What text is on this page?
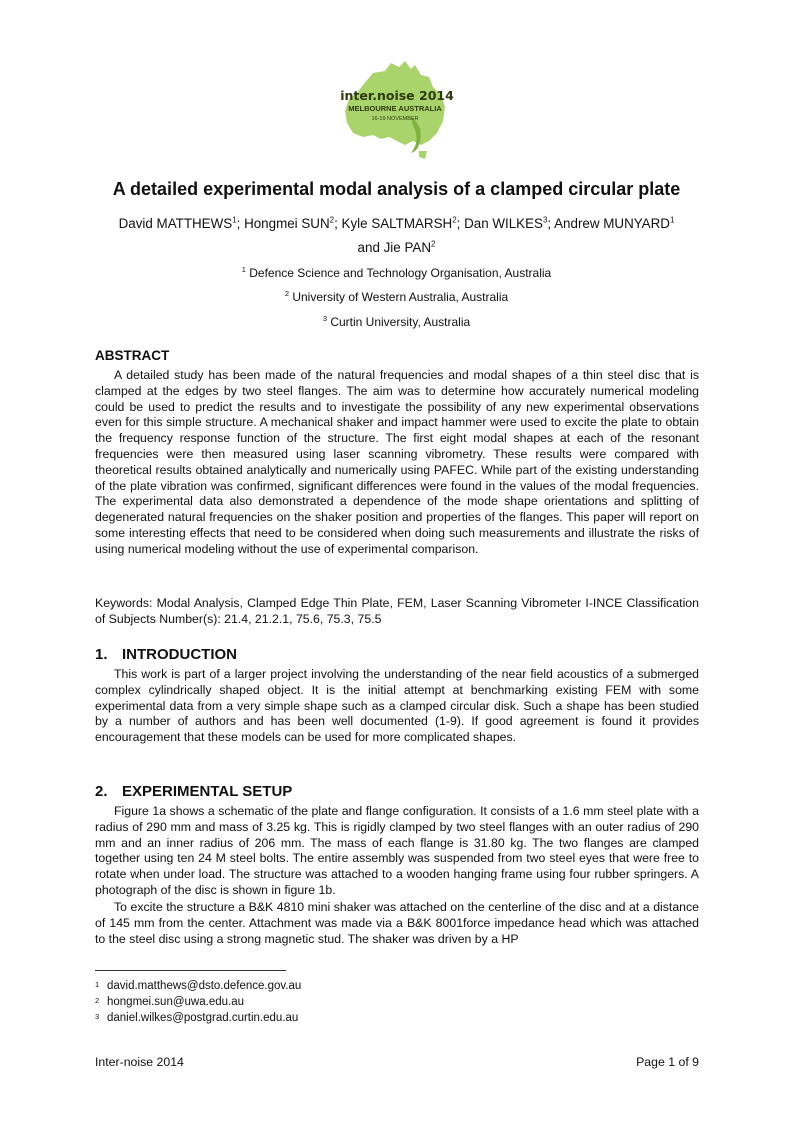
inter.noise 2014
MELBOURNE AUSTRALIA
16-19 NOVEMBER
A detailed experimental modal analysis of a clamped circular plate
David MATTHEWS$^1$; Hongmei SUN$^2$; Kyle SALTMARSH$^2$; Dan WILKES$^3$; Andrew MUNYARD$^1$
and Jie PAN$^2$
$^1$ Defence Science and Technology Organisation, Australia
$^2$ University of Western Australia, Australia
$^3$ Curtin University, Australia
ABSTRACT

A detailed study has been made of the natural frequencies and modal shapes of a thin steel disc that is clamped at the edges by two steel flanges. The aim was to determine how accurately numerical modeling could be used to predict the results and to investigate the possibility of any new experimental observations even for this simple structure. A mechanical shaker and impact hammer were used to excite the plate to obtain the frequency response function of the structure. The first eight modal shapes at each of the resonant frequencies were then measured using laser scanning vibrometry. These results were compared with theoretical results obtained analytically and numerically using PAFEC. While part of the existing understanding of the plate vibration was confirmed, significant differences were found in the values of the modal frequencies. The experimental data also demonstrated a dependence of the mode shape orientations and splitting of degenerated natural frequencies on the shaker position and properties of the flanges. This paper will report on some interesting effects that need to be considered when doing such measurements and illustrate the risks of using numerical modeling without the use of experimental comparison.

Keywords: Modal Analysis, Clamped Edge Thin Plate, FEM, Laser Scanning Vibrometer I-INCE Classification of Subjects Number(s): 21.4, 21.2.1, 75.6, 75.3, 75.5

1. INTRODUCTION

This work is part of a larger project involving the understanding of the near field acoustics of a submerged complex cylindrically shaped object. It is the initial attempt at benchmarking existing FEM with some experimental data from a very simple shape such as a clamped circular disk. Such a shape has been studied by a number of authors and has been well documented (1-9). If good agreement is found it provides encouragement that these models can be used for more complicated shapes.

2. EXPERIMENTAL SETUP

Figure 1a shows a schematic of the plate and flange configuration. It consists of a 1.6 mm steel plate with a radius of 290 mm and mass of 3.25 kg. This is rigidly clamped by two steel flanges with an outer radius of 290 mm and an inner radius of 206 mm. The mass of each flange is 31.80 kg. The two flanges are clamped together using ten 24 M steel bolts. The entire assembly was suspended from two steel eyes that were free to rotate when under load. The structure was attached to a wooden hanging frame using four rubber springers. A photograph of the disc is shown in figure 1b.

To excite the structure a B&K 4810 mini shaker was attached on the centerline of the disc and at a distance of 145 mm from the center. Attachment was made via a B&K 8001force impedance head which was attached to the steel disc using a strong magnetic stud. The shaker was driven by a HP

$^1$ david.matthews@dsto.defence.gov.au
$^2$ hongmei.sun@uwa.edu.au
$^3$ daniel.wilkes@postgrad.curtin.edu.au
Inter-noise 2014	Page 1 of 9
